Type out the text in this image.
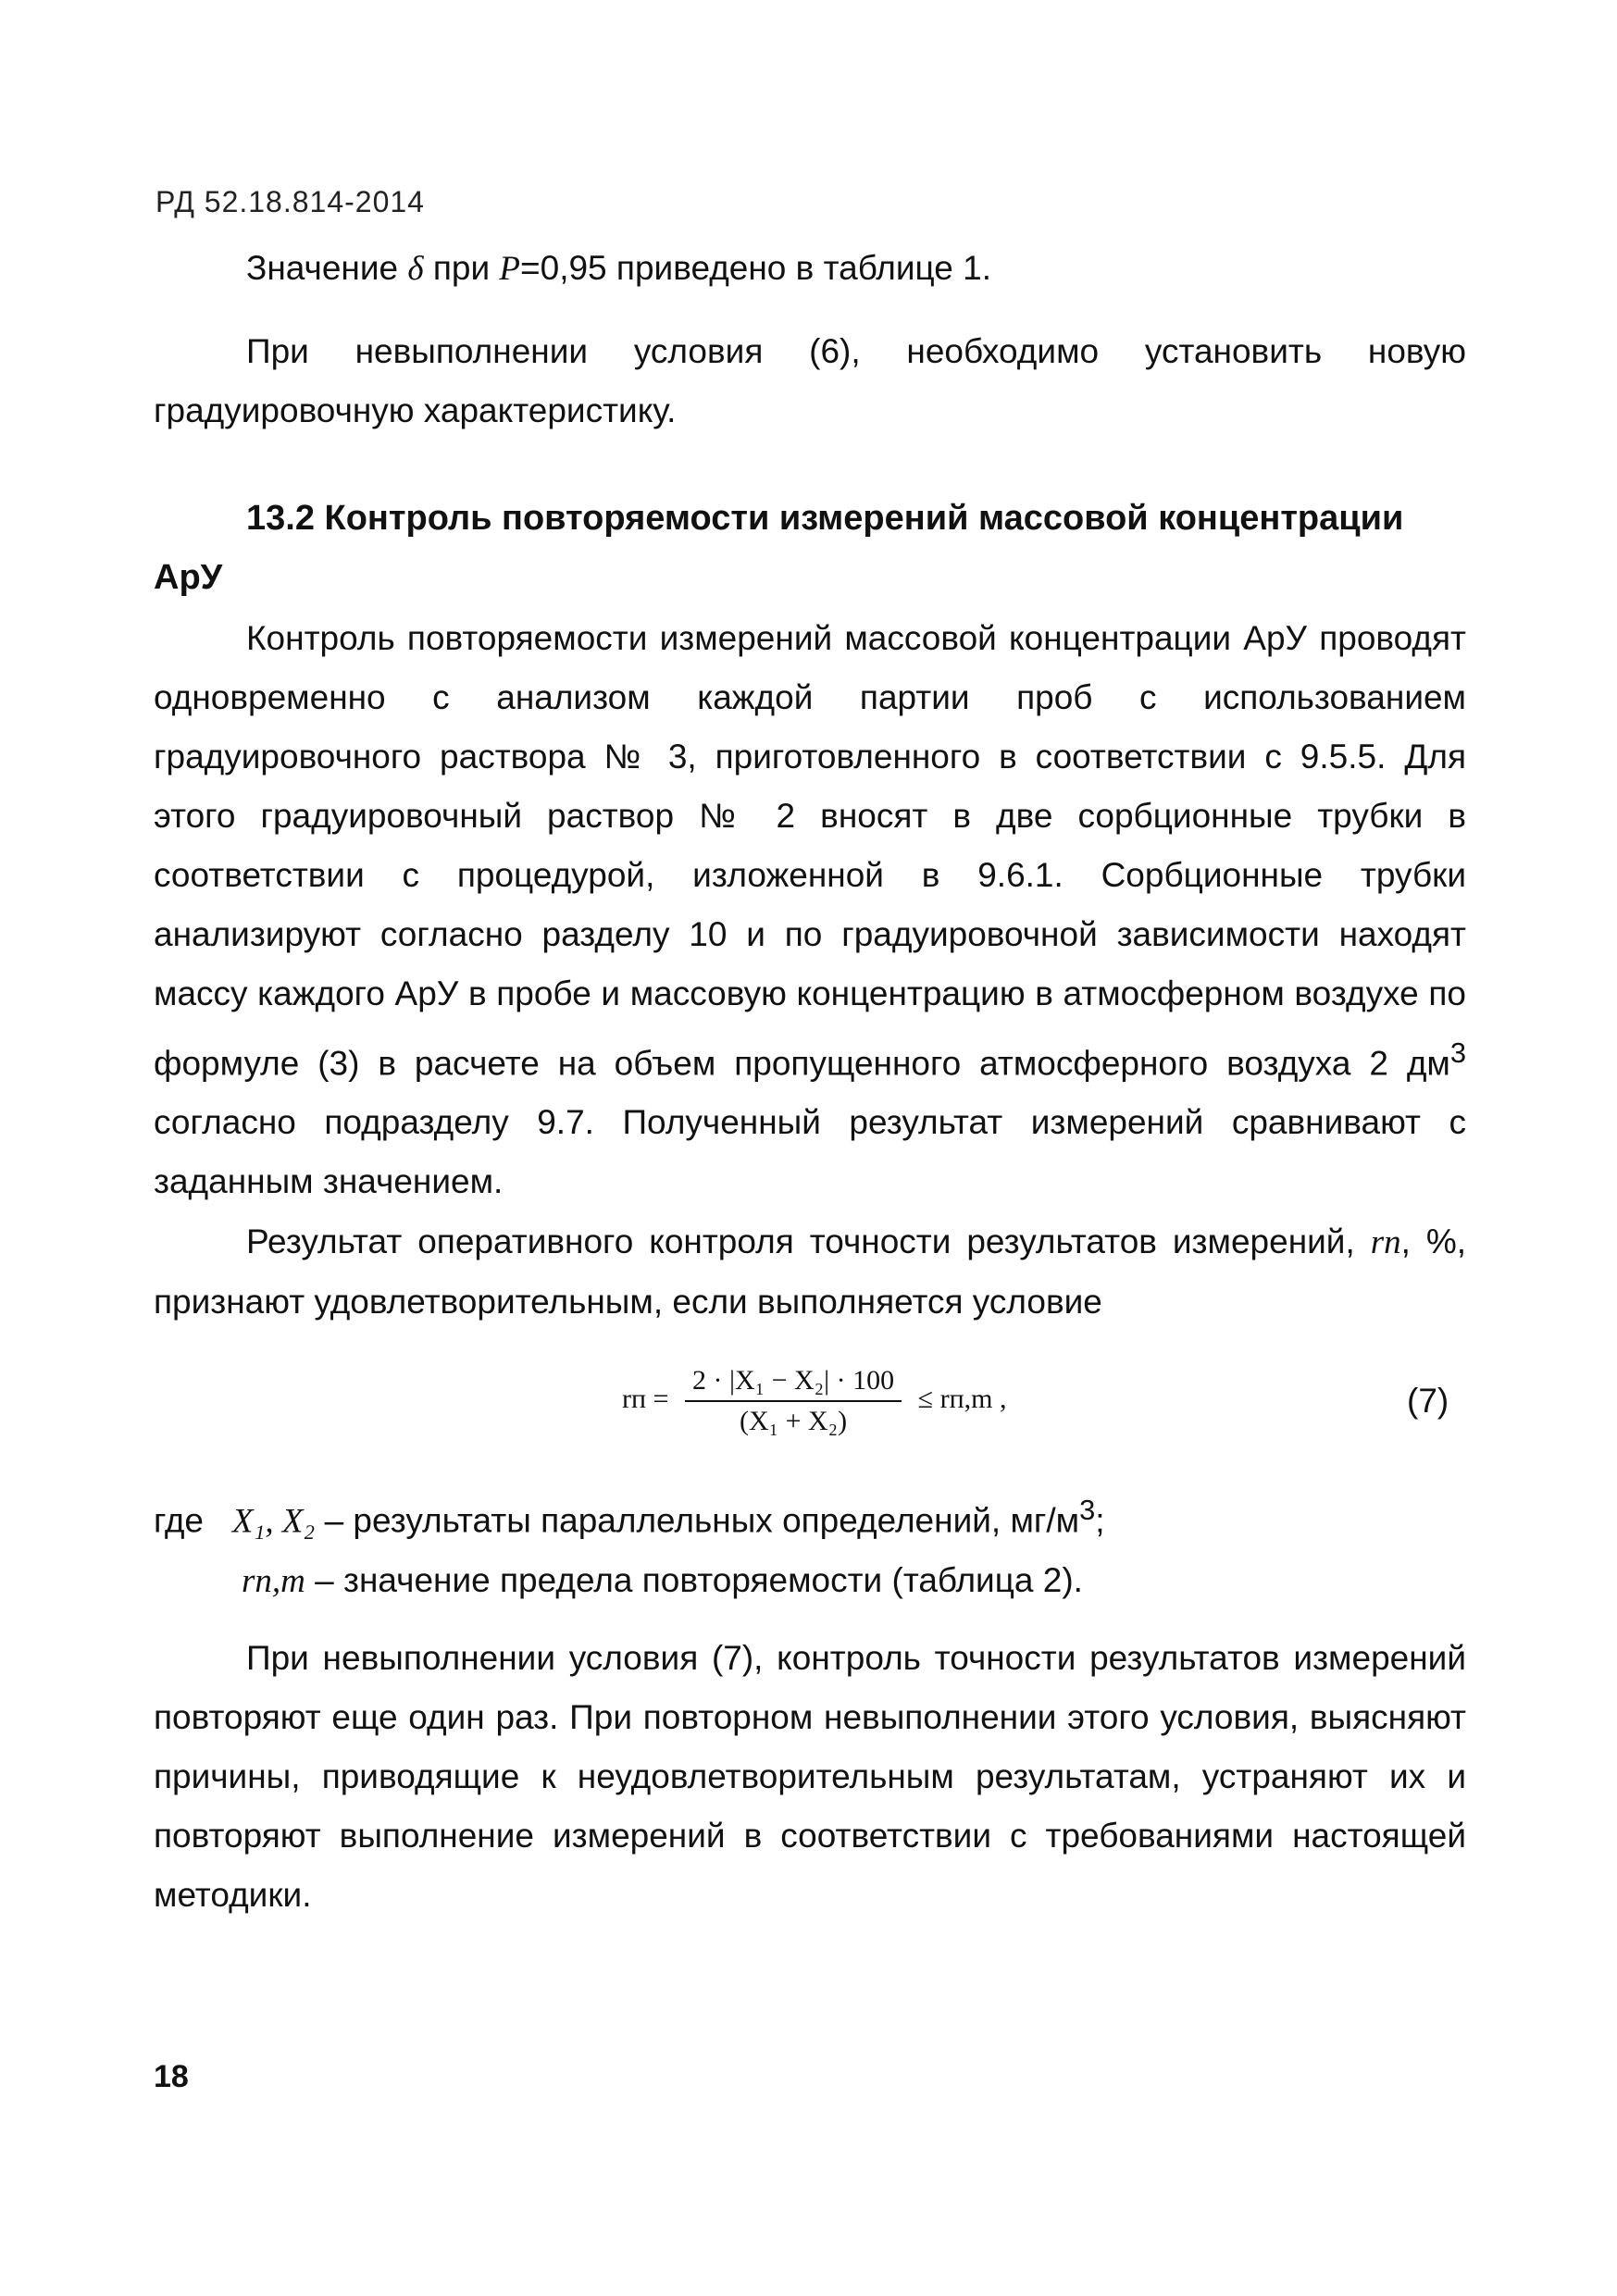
РД 52.18.814-2014

Значение δ при P=0,95 приведено в таблице 1.

При невыполнении условия (6), необходимо установить новую градуировочную характеристику.

13.2 Контроль повторяемости измерений массовой концентрации АрУ

Контроль повторяемости измерений массовой концентрации АрУ проводят одновременно с анализом каждой партии проб с использованием градуировочного раствора № 3, приготовленного в соответствии с 9.5.5. Для этого градуировочный раствор № 2 вносят в две сорбционные трубки в соответствии с процедурой, изложенной в 9.6.1. Сорбционные трубки анализируют согласно разделу 10 и по градуировочной зависимости находят массу каждого АрУ в пробе и массовую концентрацию в атмосферном воздухе по формуле (3) в расчете на объем пропущенного атмосферного воздуха 2 $дм^3$ согласно подразделу 9.7. Полученный результат измерений сравнивают с заданным значением.

Результат оперативного контроля точности результатов измерений, rп, %, признают удовлетворительным, если выполняется условие

rп = $\frac{\text{2 · |X₁ − X₂| · 100}}{\text{(X₁ + X₂)}} \le rп,m$ ,	(7)
где X₁, X₂ – результаты параллельных определений, $мг/м^3$;
rп,m – значение предела повторяемости (таблица 2).

При невыполнении условия (7), контроль точности результатов измерений повторяют еще один раз. При повторном невыполнении этого условия, выясняют причины, приводящие к неудовлетворительным результатам, устраняют их и повторяют выполнение измерений в соответствии с требованиями настоящей методики.

18
